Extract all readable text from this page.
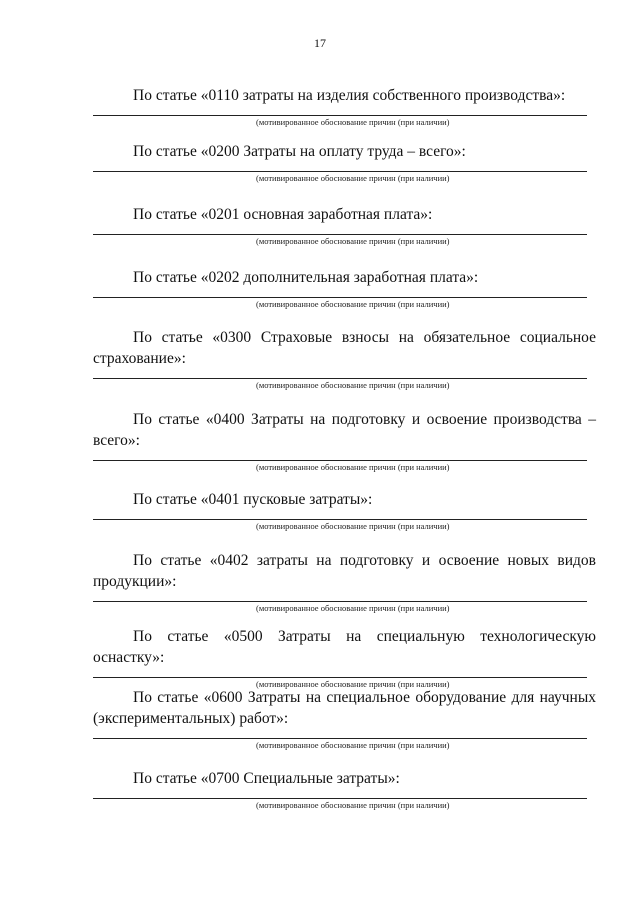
17
По статье «0110 затраты на изделия собственного производства»:
(мотивированное обоснование причин (при наличии)
По статье «0200 Затраты на оплату труда – всего»:
(мотивированное обоснование причин (при наличии)
По статье «0201 основная заработная плата»:
(мотивированное обоснование причин (при наличии)
По статье «0202 дополнительная заработная плата»:
(мотивированное обоснование причин (при наличии)
По статье «0300 Страховые взносы на обязательное социальное страхование»:
(мотивированное обоснование причин (при наличии)
По статье «0400 Затраты на подготовку и освоение производства – всего»:
(мотивированное обоснование причин (при наличии)
По статье «0401 пусковые затраты»:
(мотивированное обоснование причин (при наличии)
По статье «0402 затраты на подготовку и освоение новых видов продукции»:
(мотивированное обоснование причин (при наличии)
По статье «0500 Затраты на специальную технологическую оснастку»:
(мотивированное обоснование причин (при наличии)
По статье «0600 Затраты на специальное оборудование для научных (экспериментальных) работ»:
(мотивированное обоснование причин (при наличии)
По статье «0700 Специальные затраты»:
(мотивированное обоснование причин (при наличии)
